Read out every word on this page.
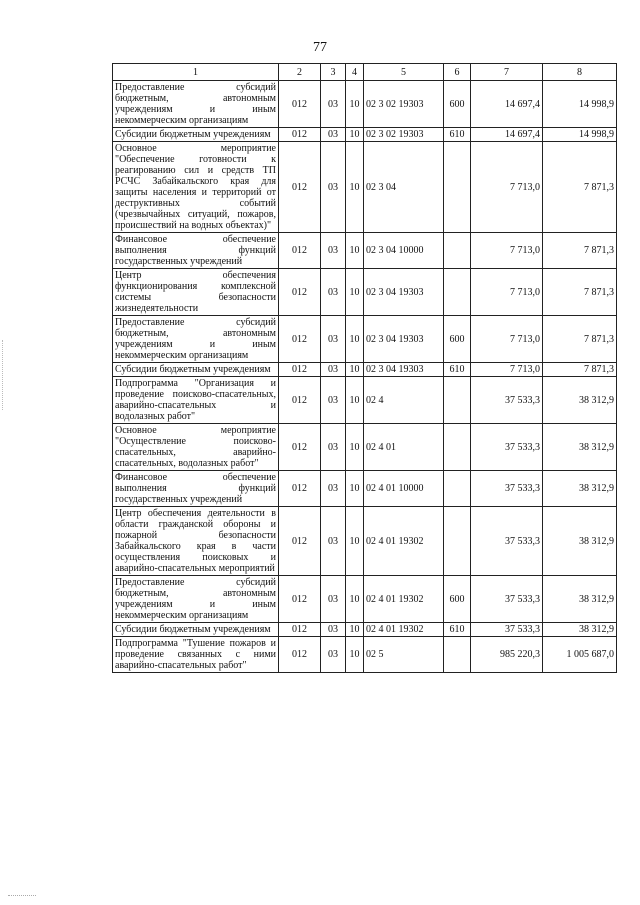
77
1	2	3	4	5	6	7	8
Предоставление субсидий бюджетным, автономным учреждениям и иным некоммерческим организациям	012	03	10	02 3 02 19303	600	14 697,4	14 998,9
Субсидии бюджетным учреждениям	012	03	10	02 3 02 19303	610	14 697,4	14 998,9
Основное мероприятие "Обеспечение готовности к реагированию сил и средств ТП РСЧС Забайкальского края для защиты населения и территорий от деструктивных событий (чрезвычайных ситуаций, пожаров, происшествий на водных объектах)"	012	03	10	02 3 04		7 713,0	7 871,3
Финансовое обеспечение выполнения функций государственных учреждений	012	03	10	02 3 04 10000		7 713,0	7 871,3
Центр обеспечения функционирования комплексной системы безопасности жизнедеятельности	012	03	10	02 3 04 19303		7 713,0	7 871,3
Предоставление субсидий бюджетным, автономным учреждениям и иным некоммерческим организациям	012	03	10	02 3 04 19303	600	7 713,0	7 871,3
Субсидии бюджетным учреждениям	012	03	10	02 3 04 19303	610	7 713,0	7 871,3
Подпрограмма "Организация и проведение поисково-спасательных, аварийно-спасательных и водолазных работ"	012	03	10	02 4		37 533,3	38 312,9
Основное мероприятие "Осуществление поисково-спасательных, аварийно-спасательных, водолазных работ"	012	03	10	02 4 01		37 533,3	38 312,9
Финансовое обеспечение выполнения функций государственных учреждений	012	03	10	02 4 01 10000		37 533,3	38 312,9
Центр обеспечения деятельности в области гражданской обороны и пожарной безопасности Забайкальского края в части осуществления поисковых и аварийно-спасательных мероприятий	012	03	10	02 4 01 19302		37 533,3	38 312,9
Предоставление субсидий бюджетным, автономным учреждениям и иным некоммерческим организациям	012	03	10	02 4 01 19302	600	37 533,3	38 312,9
Субсидии бюджетным учреждениям	012	03	10	02 4 01 19302	610	37 533,3	38 312,9
Подпрограмма "Тушение пожаров и проведение связанных с ними аварийно-спасательных работ"	012	03	10	02 5		985 220,3	1 005 687,0
